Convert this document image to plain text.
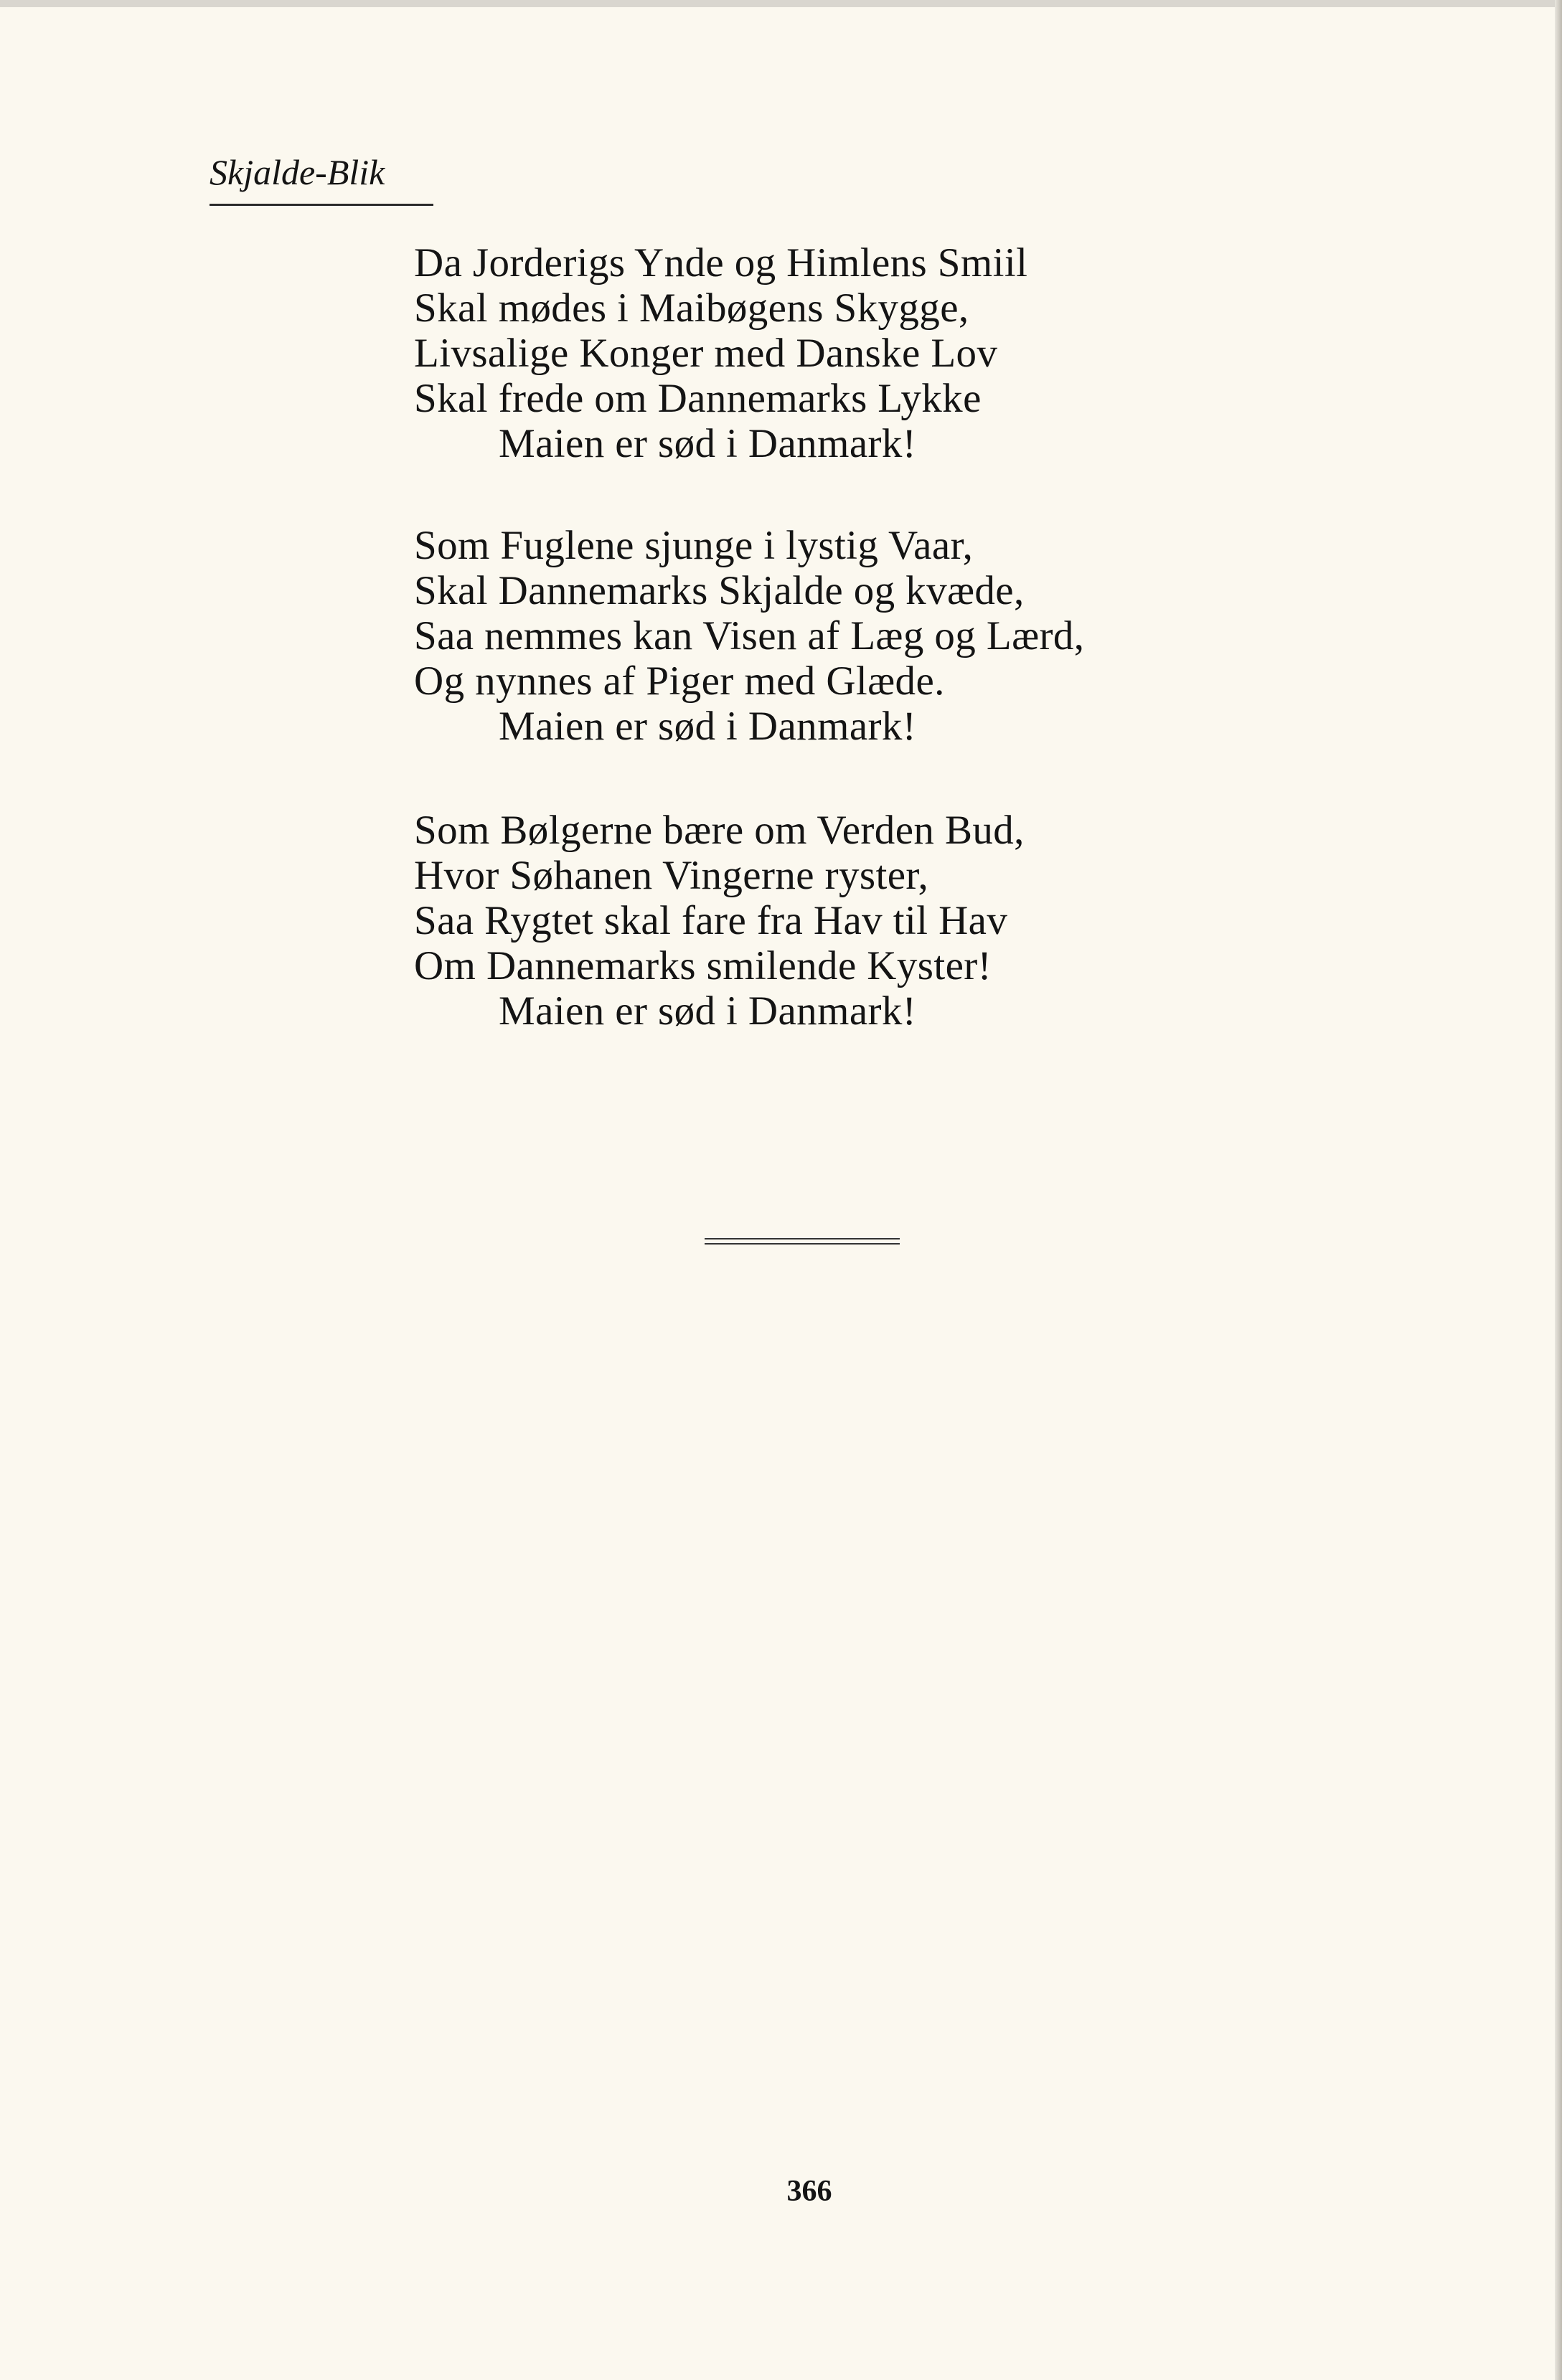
Skjalde-Blik
Da Jorderigs Ynde og Himlens Smiil
Skal mødes i Maibøgens Skygge,
Livsalige Konger med Danske Lov
Skal frede om Dannemarks Lykke
Maien er sød i Danmark!
Som Fuglene sjunge i lystig Vaar,
Skal Dannemarks Skjalde og kvæde,
Saa nemmes kan Visen af Læg og Lærd,
Og nynnes af Piger med Glæde.
Maien er sød i Danmark!
Som Bølgerne bære om Verden Bud,
Hvor Søhanen Vingerne ryster,
Saa Rygtet skal fare fra Hav til Hav
Om Dannemarks smilende Kyster!
Maien er sød i Danmark!
366
